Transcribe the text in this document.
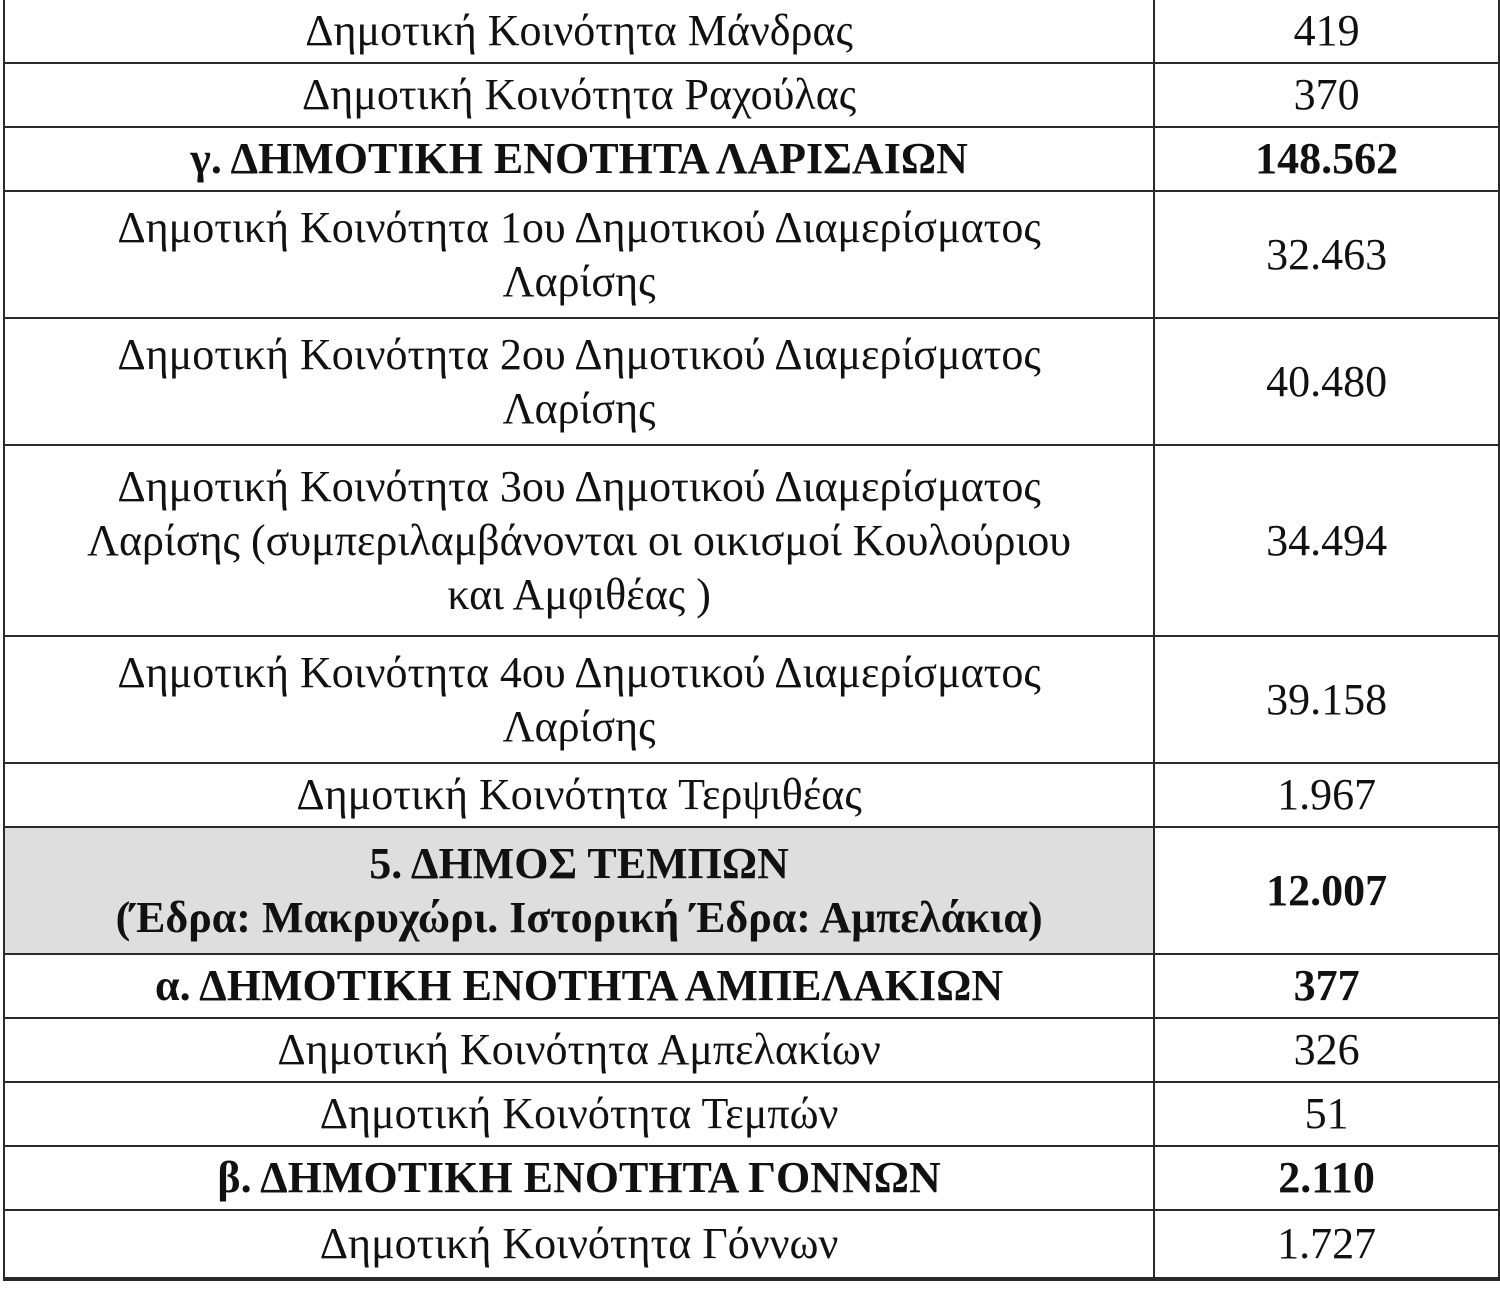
Δημοτική Κοινότητα Μάνδρας	419

Δημοτική Κοινότητα Ραχούλας	370

γ. ΔΗΜΟΤΙΚΗ ΕΝΟΤΗΤΑ ΛΑΡΙΣΑΙΩΝ	148.562

Δημοτική Κοινότητα 1ου Δημοτικού Διαμερίσματος
Λαρίσης	32.463

Δημοτική Κοινότητα 2ου Δημοτικού Διαμερίσματος
Λαρίσης	40.480

Δημοτική Κοινότητα 3ου Δημοτικού Διαμερίσματος
Λαρίσης (συμπεριλαμβάνονται οι οικισμοί Κουλούριου
και Αμφιθέας )	34.494

Δημοτική Κοινότητα 4ου Δημοτικού Διαμερίσματος
Λαρίσης	39.158

Δημοτική Κοινότητα Τερψιθέας	1.967

5. ΔΗΜΟΣ ΤΕΜΠΩΝ
(Έδρα: Μακρυχώρι. Ιστορική Έδρα: Αμπελάκια)	12.007

α. ΔΗΜΟΤΙΚΗ ΕΝΟΤΗΤΑ ΑΜΠΕΛΑΚΙΩΝ	377

Δημοτική Κοινότητα Αμπελακίων	326

Δημοτική Κοινότητα Τεμπών	51

β. ΔΗΜΟΤΙΚΗ ΕΝΟΤΗΤΑ ΓΟΝΝΩΝ	2.110

Δημοτική Κοινότητα Γόννων	1.727
